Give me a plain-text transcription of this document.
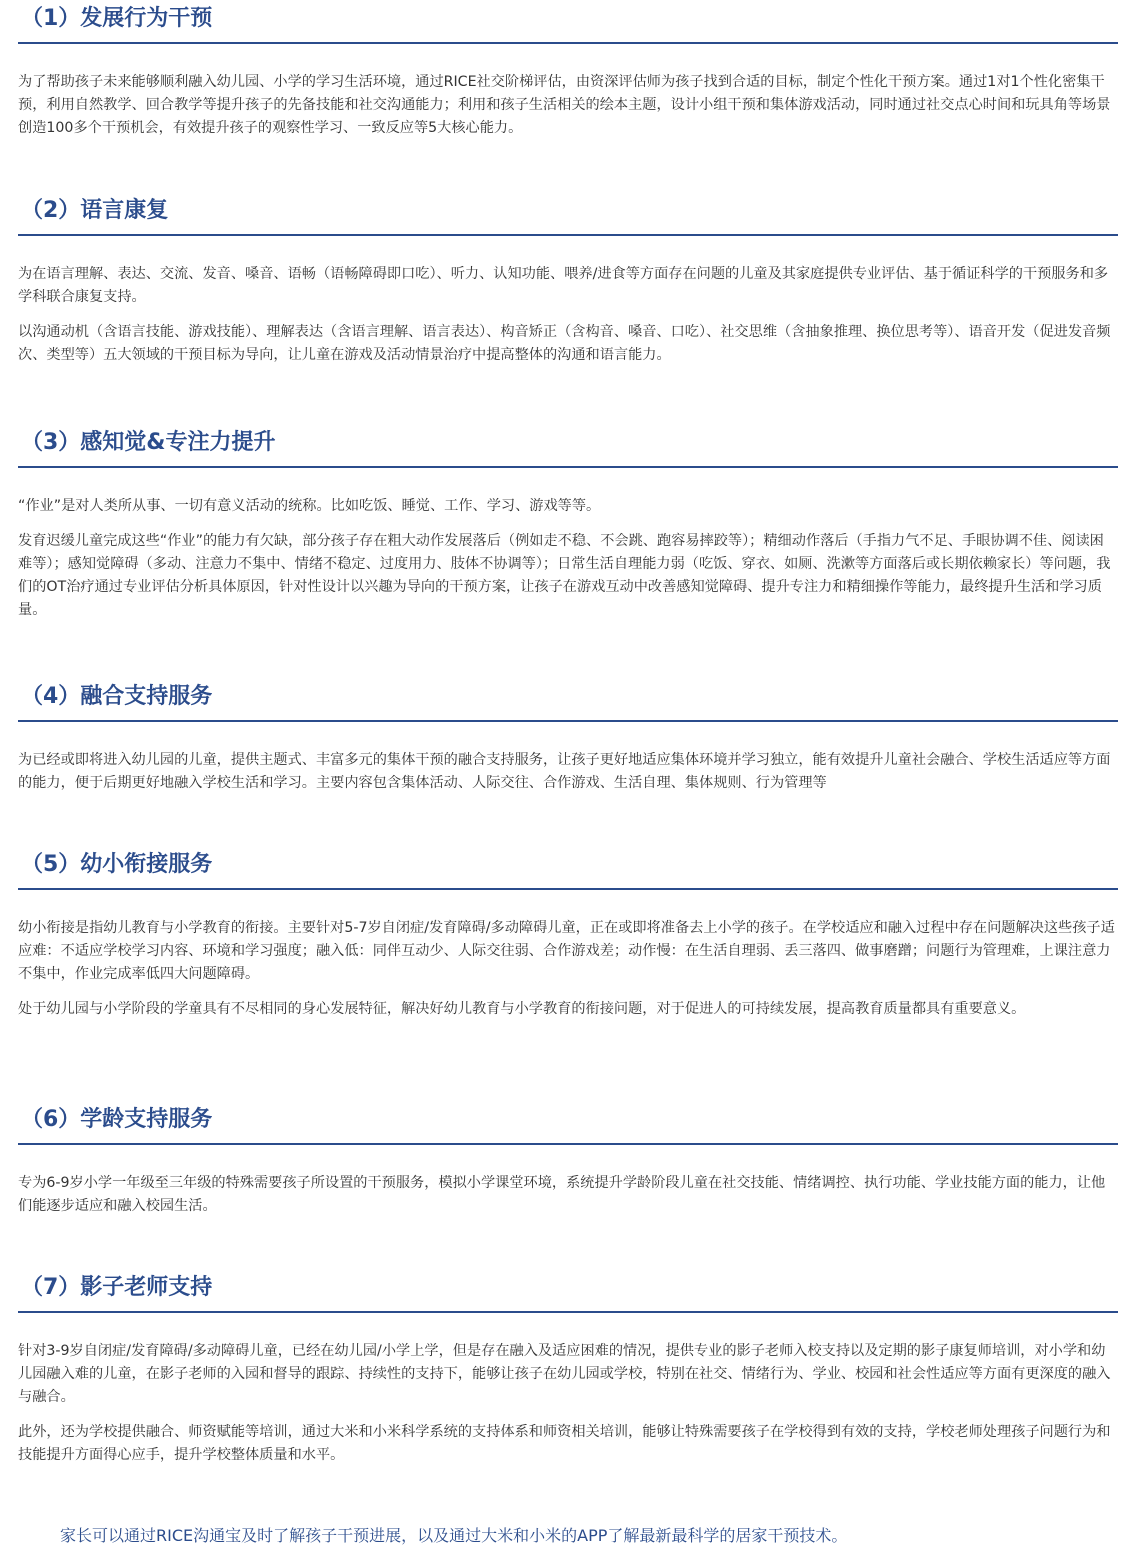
（1）发展行为干预

为了帮助孩子未来能够顺利融入幼儿园、小学的学习生活环境，通过RICE社交阶梯评估，由资深评估师为孩子找到合适的目标，制定个性化干预方案。通过1对1个性化密集干预，利用自然教学、回合教学等提升孩子的先备技能和社交沟通能力；利用和孩子生活相关的绘本主题，设计小组干预和集体游戏活动，同时通过社交点心时间和玩具角等场景创造100多个干预机会，有效提升孩子的观察性学习、一致反应等5大核心能力。

（2）语言康复

为在语言理解、表达、交流、发音、嗓音、语畅（语畅障碍即口吃）、听力、认知功能、喂养/进食等方面存在问题的儿童及其家庭提供专业评估、基于循证科学的干预服务和多学科联合康复支持。

以沟通动机（含语言技能、游戏技能）、理解表达（含语言理解、语言表达）、构音矫正（含构音、嗓音、口吃）、社交思维（含抽象推理、换位思考等）、语音开发（促进发音频次、类型等）五大领域的干预目标为导向，让儿童在游戏及活动情景治疗中提高整体的沟通和语言能力。

（3）感知觉&专注力提升

“作业”是对人类所从事、一切有意义活动的统称。比如吃饭、睡觉、工作、学习、游戏等等。

发育迟缓儿童完成这些“作业”的能力有欠缺，部分孩子存在粗大动作发展落后（例如走不稳、不会跳、跑容易摔跤等）；精细动作落后（手指力气不足、手眼协调不佳、阅读困难等）；感知觉障碍（多动、注意力不集中、情绪不稳定、过度用力、肢体不协调等）；日常生活自理能力弱（吃饭、穿衣、如厕、洗漱等方面落后或长期依赖家长）等问题，我们的OT治疗通过专业评估分析具体原因，针对性设计以兴趣为导向的干预方案，让孩子在游戏互动中改善感知觉障碍、提升专注力和精细操作等能力，最终提升生活和学习质量。

（4）融合支持服务

为已经或即将进入幼儿园的儿童，提供主题式、丰富多元的集体干预的融合支持服务，让孩子更好地适应集体环境并学习独立，能有效提升儿童社会融合、学校生活适应等方面的能力，便于后期更好地融入学校生活和学习。主要内容包含集体活动、人际交往、合作游戏、生活自理、集体规则、行为管理等

（5）幼小衔接服务

幼小衔接是指幼儿教育与小学教育的衔接。主要针对5-7岁自闭症/发育障碍/多动障碍儿童，正在或即将准备去上小学的孩子。在学校适应和融入过程中存在问题解决这些孩子适应难：不适应学校学习内容、环境和学习强度；融入低：同伴互动少、人际交往弱、合作游戏差；动作慢：在生活自理弱、丢三落四、做事磨蹭；问题行为管理难，上课注意力不集中，作业完成率低四大问题障碍。

处于幼儿园与小学阶段的学童具有不尽相同的身心发展特征，解决好幼儿教育与小学教育的衔接问题，对于促进人的可持续发展，提高教育质量都具有重要意义。

（6）学龄支持服务

专为6-9岁小学一年级至三年级的特殊需要孩子所设置的干预服务，模拟小学课堂环境，系统提升学龄阶段儿童在社交技能、情绪调控、执行功能、学业技能方面的能力，让他们能逐步适应和融入校园生活。

（7）影子老师支持

针对3-9岁自闭症/发育障碍/多动障碍儿童，已经在幼儿园/小学上学，但是存在融入及适应困难的情况，提供专业的影子老师入校支持以及定期的影子康复师培训，对小学和幼儿园融入难的儿童，在影子老师的入园和督导的跟踪、持续性的支持下，能够让孩子在幼儿园或学校，特别在社交、情绪行为、学业、校园和社会性适应等方面有更深度的融入与融合。

此外，还为学校提供融合、师资赋能等培训，通过大米和小米科学系统的支持体系和师资相关培训，能够让特殊需要孩子在学校得到有效的支持，学校老师处理孩子问题行为和技能提升方面得心应手，提升学校整体质量和水平。

家长可以通过RICE沟通宝及时了解孩子干预进展，以及通过大米和小米的APP了解最新最科学的居家干预技术。
